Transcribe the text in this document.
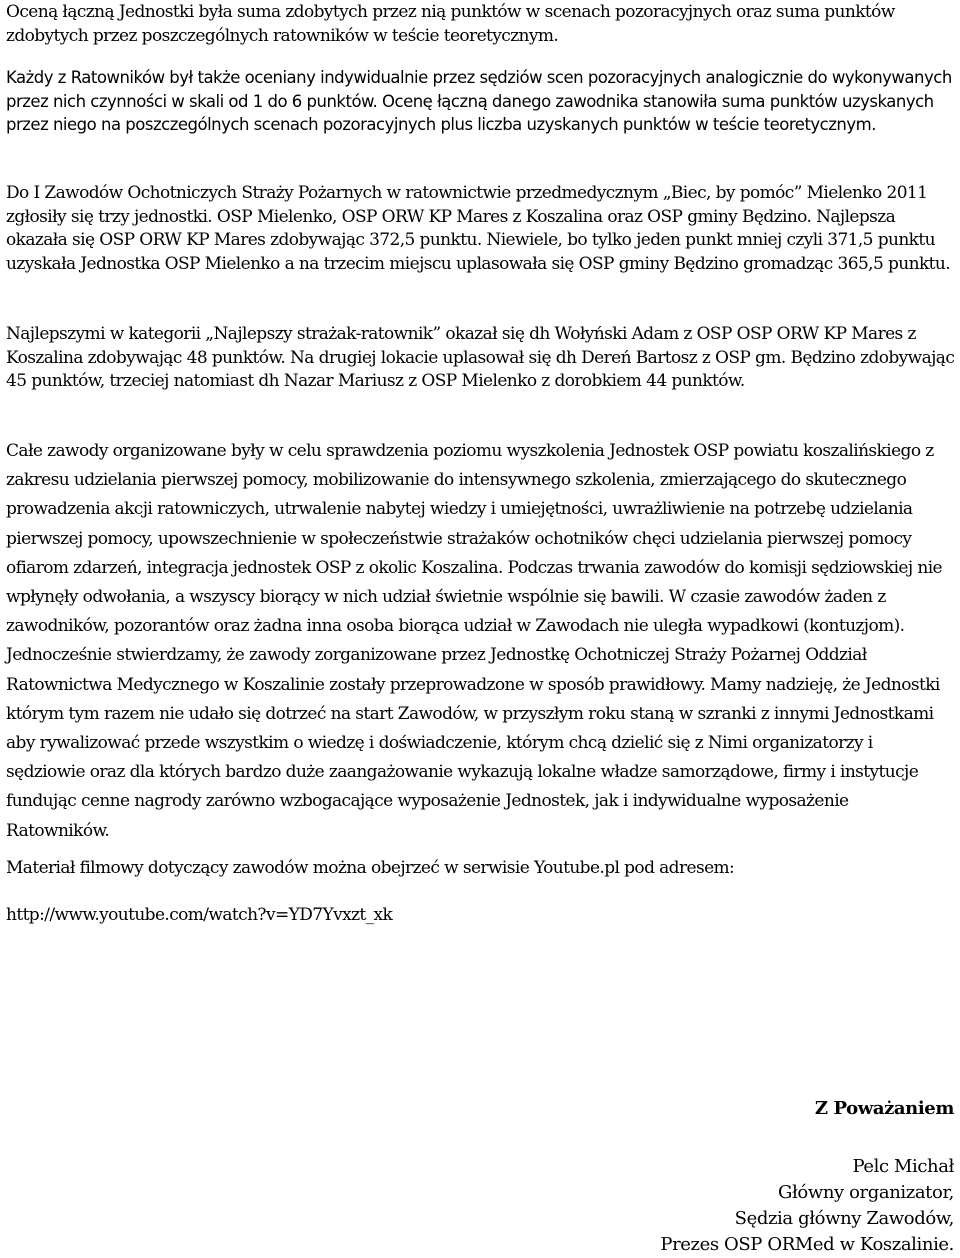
Oceną łączną Jednostki była suma zdobytych przez nią punktów w scenach pozoracyjnych oraz suma punktów zdobytych przez poszczególnych ratowników w teście teoretycznym.

Każdy z Ratowników był także oceniany indywidualnie przez sędziów scen pozoracyjnych analogicznie do wykonywanych przez nich czynności w skali od 1 do 6 punktów. Ocenę łączną danego zawodnika stanowiła suma punktów uzyskanych przez niego na poszczególnych scenach pozoracyjnych plus liczba uzyskanych punktów w teście teoretycznym.

Do I Zawodów Ochotniczych Straży Pożarnych w ratownictwie przedmedycznym „Biec, by pomóc” Mielenko 2011 zgłosiły się trzy jednostki. OSP Mielenko, OSP ORW KP Mares z Koszalina oraz OSP gminy Będzino. Najlepsza okazała się OSP ORW KP Mares zdobywając 372,5 punktu. Niewiele, bo tylko jeden punkt mniej czyli 371,5 punktu uzyskała Jednostka OSP Mielenko a na trzecim miejscu uplasowała się OSP gminy Będzino gromadząc 365,5 punktu.

Najlepszymi w kategorii „Najlepszy strażak-ratownik” okazał się dh Wołyński Adam z OSP OSP ORW KP Mares z Koszalina zdobywając 48 punktów. Na drugiej lokacie uplasował się dh Dereń Bartosz z OSP gm. Będzino zdobywając 45 punktów, trzeciej natomiast dh Nazar Mariusz z OSP Mielenko z dorobkiem 44 punktów.

Całe zawody organizowane były w celu sprawdzenia poziomu wyszkolenia Jednostek OSP powiatu koszalińskiego z zakresu udzielania pierwszej pomocy, mobilizowanie do intensywnego szkolenia, zmierzającego do skutecznego prowadzenia akcji ratowniczych, utrwalenie nabytej wiedzy i umiejętności, uwrażliwienie na potrzebę udzielania pierwszej pomocy, upowszechnienie w społeczeństwie strażaków ochotników chęci udzielania pierwszej pomocy ofiarom zdarzeń, integracja jednostek OSP z okolic Koszalina. Podczas trwania zawodów do komisji sędziowskiej nie wpłynęły odwołania, a wszyscy biorący w nich udział świetnie wspólnie się bawili. W czasie zawodów żaden z zawodników, pozorantów oraz żadna inna osoba biorąca udział w Zawodach nie uległa wypadkowi (kontuzjom). Jednocześnie stwierdzamy, że zawody zorganizowane przez Jednostkę Ochotniczej Straży Pożarnej Oddział Ratownictwa Medycznego w Koszalinie zostały przeprowadzone w sposób prawidłowy. Mamy nadzieję, że Jednostki którym tym razem nie udało się dotrzeć na start Zawodów, w przyszłym roku staną w szranki z innymi Jednostkami aby rywalizować przede wszystkim o wiedzę i doświadczenie, którym chcą dzielić się z Nimi organizatorzy i sędziowie oraz dla których bardzo duże zaangażowanie wykazują lokalne władze samorządowe, firmy i instytucje fundując cenne nagrody zarówno wzbogacające wyposażenie Jednostek, jak i indywidualne wyposażenie Ratowników.

Materiał filmowy dotyczący zawodów można obejrzeć w serwisie Youtube.pl pod adresem:

http://www.youtube.com/watch?v=YD7Yvxzt_xk

Z Poważaniem
Pelc Michał
Główny organizator,
Sędzia główny Zawodów,
Prezes OSP ORMed w Koszalinie.
